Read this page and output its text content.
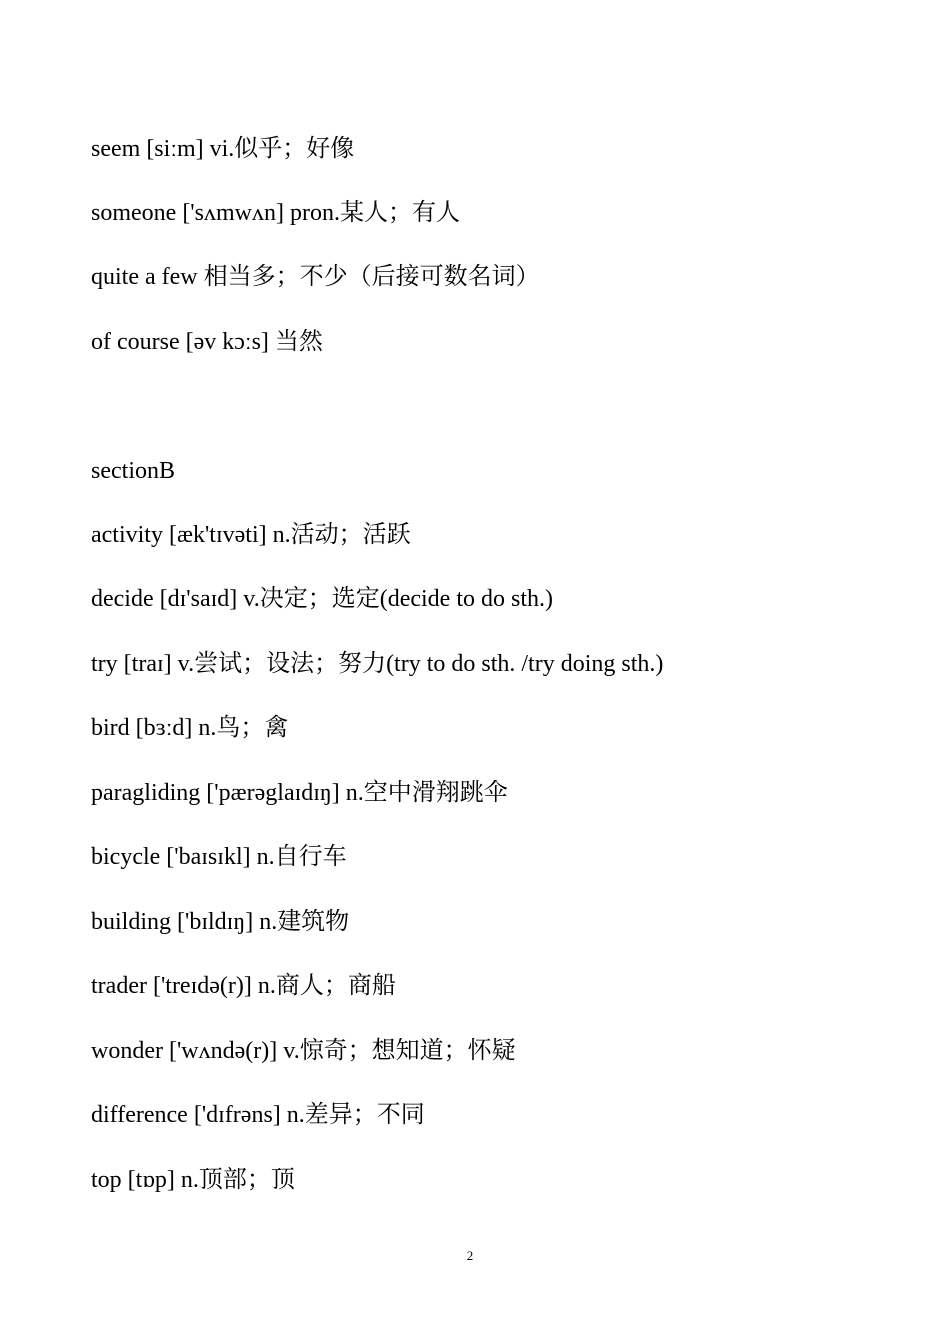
seem [siːm] vi.似乎；好像
someone ['sʌmwʌn] pron.某人；有人
quite a few 相当多；不少（后接可数名词）
of course [əv kɔːs] 当然
sectionB
activity [æk'tɪvəti] n.活动；活跃
decide [dɪ'saɪd] v.决定；选定(decide to do sth.)
try [traɪ] v.尝试；设法；努力(try to do sth. /try doing sth.)
bird [bɜːd] n.鸟；禽
paragliding ['pærəglaɪdɪŋ] n.空中滑翔跳伞
bicycle ['baɪsɪkl] n.自行车
building ['bɪldɪŋ] n.建筑物
trader ['treɪdə(r)] n.商人；商船
wonder ['wʌndə(r)] v.惊奇；想知道；怀疑
difference ['dɪfrəns] n.差异；不同
top [tɒp] n.顶部；顶
2
